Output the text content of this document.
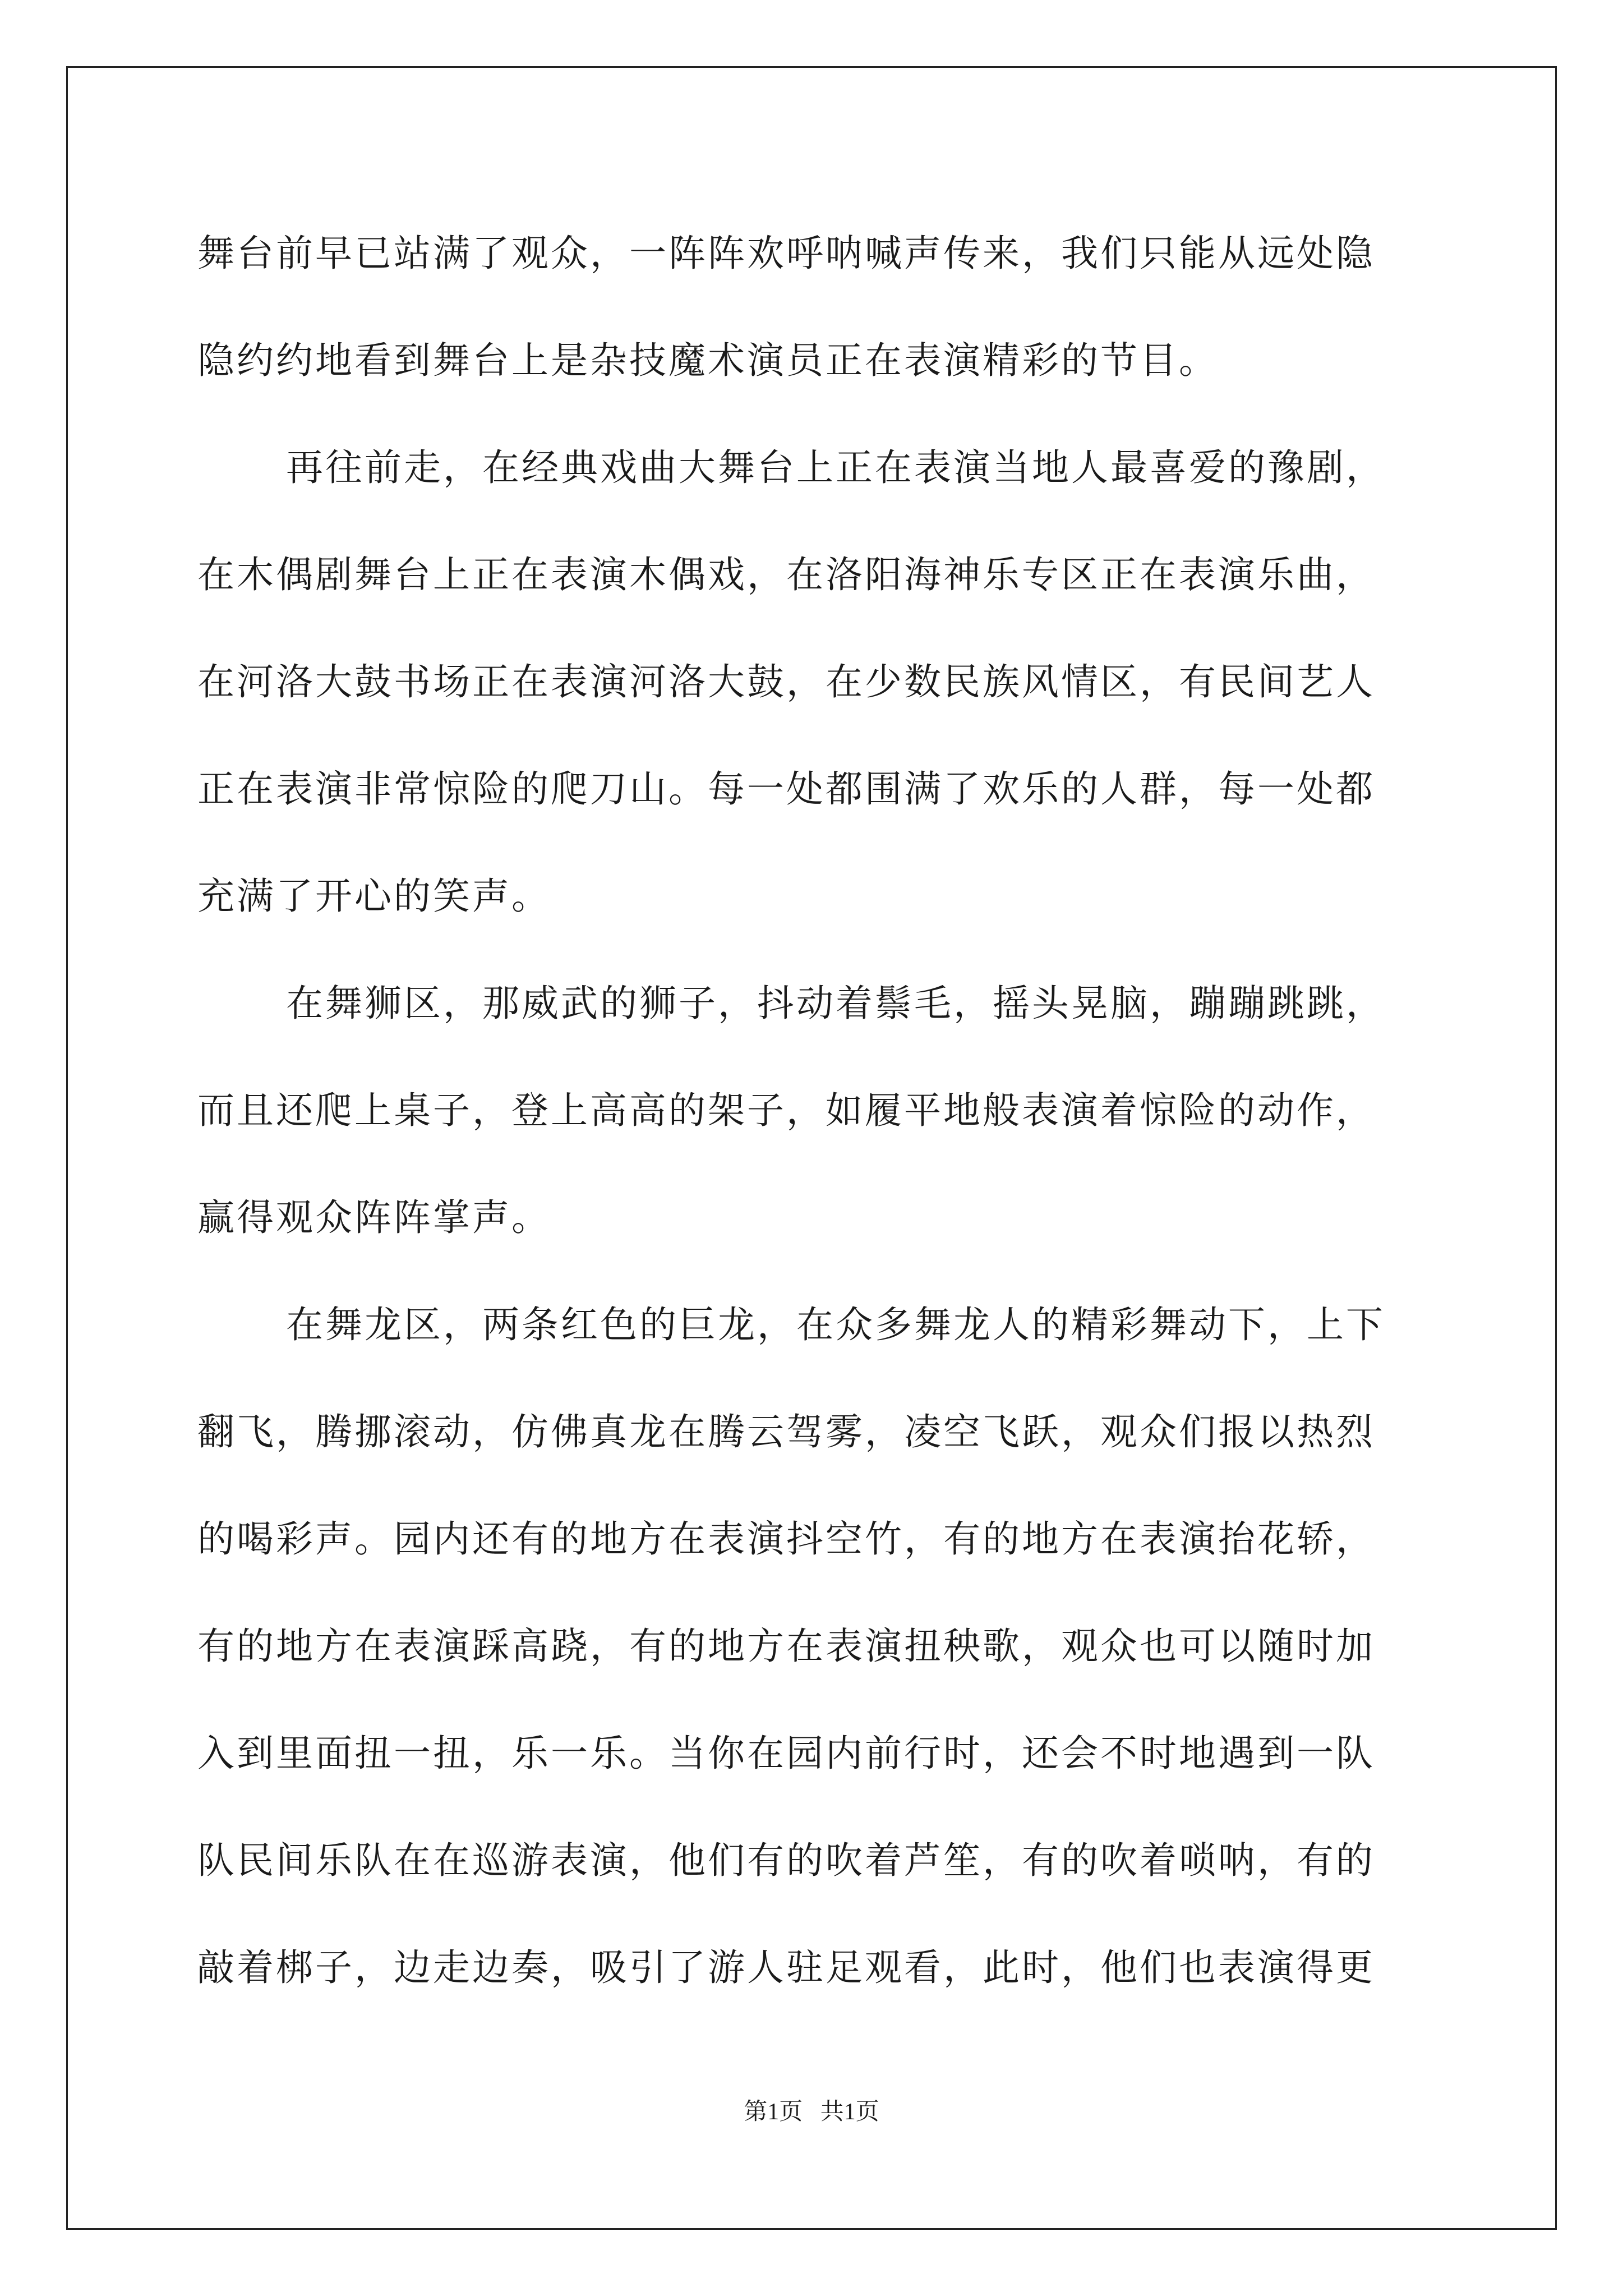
舞台前早已站满了观众，一阵阵欢呼呐喊声传来，我们只能从远处隐
隐约约地看到舞台上是杂技魔术演员正在表演精彩的节目。
再往前走，在经典戏曲大舞台上正在表演当地人最喜爱的豫剧，
在木偶剧舞台上正在表演木偶戏，在洛阳海神乐专区正在表演乐曲，
在河洛大鼓书场正在表演河洛大鼓，在少数民族风情区，有民间艺人
正在表演非常惊险的爬刀山。每一处都围满了欢乐的人群，每一处都
充满了开心的笑声。
在舞狮区，那威武的狮子，抖动着鬃毛，摇头晃脑，蹦蹦跳跳，
而且还爬上桌子，登上高高的架子，如履平地般表演着惊险的动作，
赢得观众阵阵掌声。
在舞龙区，两条红色的巨龙，在众多舞龙人的精彩舞动下，上下
翻飞，腾挪滚动，仿佛真龙在腾云驾雾，凌空飞跃，观众们报以热烈
的喝彩声。园内还有的地方在表演抖空竹，有的地方在表演抬花轿，
有的地方在表演踩高跷，有的地方在表演扭秧歌，观众也可以随时加
入到里面扭一扭，乐一乐。当你在园内前行时，还会不时地遇到一队
队民间乐队在在巡游表演，他们有的吹着芦笙，有的吹着唢呐，有的
敲着梆子，边走边奏，吸引了游人驻足观看，此时，他们也表演得更
第1页   共1页
